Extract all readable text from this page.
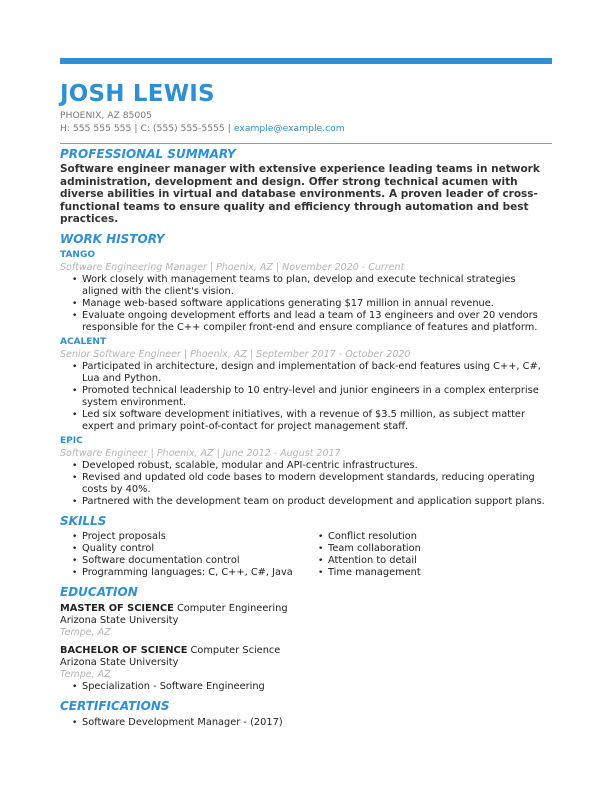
JOSH LEWIS
PHOENIX, AZ 85005
H: 555 555 555 | C: (555) 555-5555 | example@example.com
PROFESSIONAL SUMMARY
Software engineer manager with extensive experience leading teams in network administration, development and design. Offer strong technical acumen with diverse abilities in virtual and database environments. A proven leader of cross-functional teams to ensure quality and efficiency through automation and best practices.
WORK HISTORY
TANGO
Software Engineering Manager | Phoenix, AZ | November 2020 - Current
• Work closely with management teams to plan, develop and execute technical strategies aligned with the client's vision.
• Manage web-based software applications generating $17 million in annual revenue.
• Evaluate ongoing development efforts and lead a team of 13 engineers and over 20 vendors responsible for the C++ compiler front-end and ensure compliance of features and platform.
ACALENT
Senior Software Engineer | Phoenix, AZ | September 2017 - October 2020
• Participated in architecture, design and implementation of back-end features using C++, C#, Lua and Python.
• Promoted technical leadership to 10 entry-level and junior engineers in a complex enterprise system environment.
• Led six software development initiatives, with a revenue of $3.5 million, as subject matter expert and primary point-of-contact for project management staff.
EPIC
Software Engineer | Phoenix, AZ | June 2012 - August 2017
• Developed robust, scalable, modular and API-centric infrastructures.
• Revised and updated old code bases to modern development standards, reducing operating costs by 40%.
• Partnered with the development team on product development and application support plans.
SKILLS
• Project proposals
• Quality control
• Software documentation control
• Programming languages: C, C++, C#, Java
• Conflict resolution
• Team collaboration
• Attention to detail
• Time management
EDUCATION
MASTER OF SCIENCE Computer Engineering
Arizona State University
Tempe, AZ
BACHELOR OF SCIENCE Computer Science
Arizona State University
Tempe, AZ
• Specialization - Software Engineering
CERTIFICATIONS
• Software Development Manager - (2017)
